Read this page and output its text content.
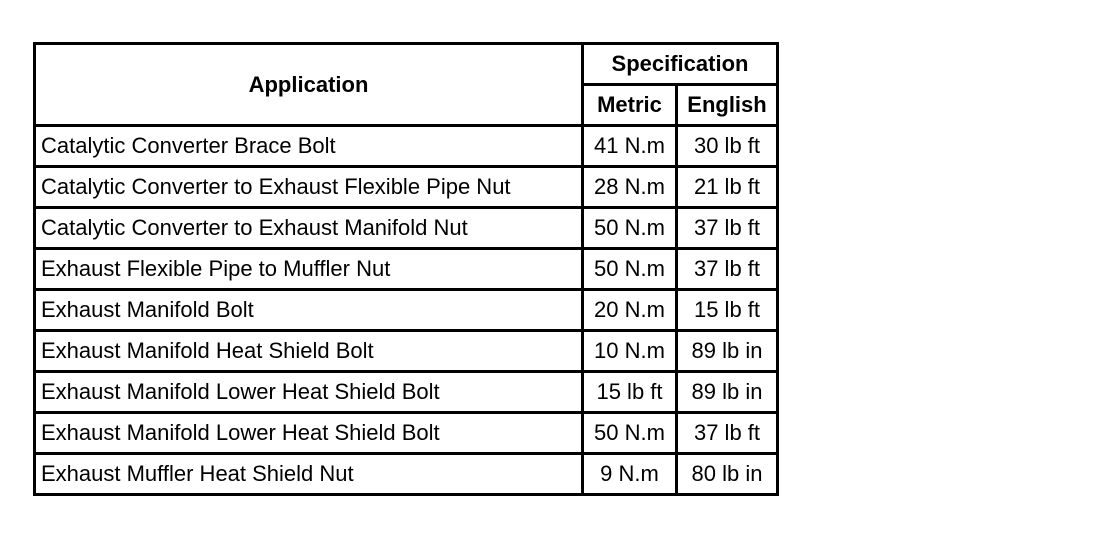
Application	Specification	
	Metric	English
Catalytic Converter Brace Bolt	41 N.m	30 lb ft
Catalytic Converter to Exhaust Flexible Pipe Nut	28 N.m	21 lb ft
Catalytic Converter to Exhaust Manifold Nut	50 N.m	37 lb ft
Exhaust Flexible Pipe to Muffler Nut	50 N.m	37 lb ft
Exhaust Manifold Bolt	20 N.m	15 lb ft
Exhaust Manifold Heat Shield Bolt	10 N.m	89 lb in
Exhaust Manifold Lower Heat Shield Bolt	15 lb ft	89 lb in
Exhaust Manifold Lower Heat Shield Bolt	50 N.m	37 lb ft
Exhaust Muffler Heat Shield Nut	9 N.m	80 lb in
